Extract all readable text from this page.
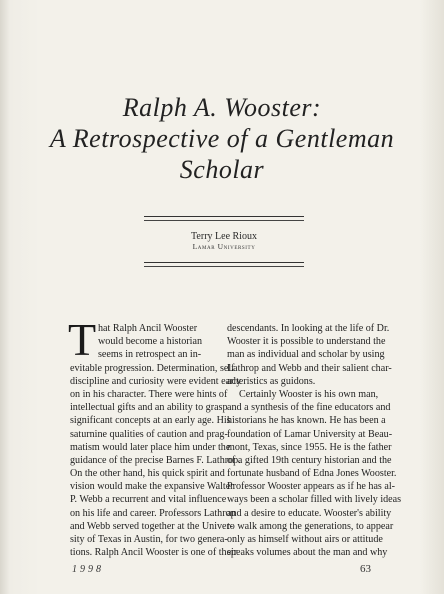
Ralph A. Wooster:
A Retrospective of a Gentleman
Scholar
Terry Lee Rioux
Lamar University
T hat Ralph Ancil Wooster
would become a historian
seems in retrospect an in-
evitable progression. Determination, self
discipline and curiosity were evident early
on in his character. There were hints of
intellectual gifts and an ability to grasp
significant concepts at an early age. His
saturnine qualities of caution and prag-
matism would later place him under the
guidance of the precise Barnes F. Lathrop.
On the other hand, his quick spirit and
vision would make the expansive Walter
P. Webb a recurrent and vital influence
on his life and career. Professors Lathrop
and Webb served together at the Univer-
sity of Texas in Austin, for two genera-
tions. Ralph Ancil Wooster is one of their
descendants. In looking at the life of Dr.
Wooster it is possible to understand the
man as individual and scholar by using
Lathrop and Webb and their salient char-
acteristics as guidons.
Certainly Wooster is his own man,
and a synthesis of the fine educators and
historians he has known. He has been a
foundation of Lamar University at Beau-
mont, Texas, since 1955. He is the father
of a gifted 19th century historian and the
fortunate husband of Edna Jones Wooster.
Professor Wooster appears as if he has al-
ways been a scholar filled with lively ideas
and a desire to educate. Wooster's ability
to walk among the generations, to appear
only as himself without airs or attitude
speaks volumes about the man and why
1998	63
